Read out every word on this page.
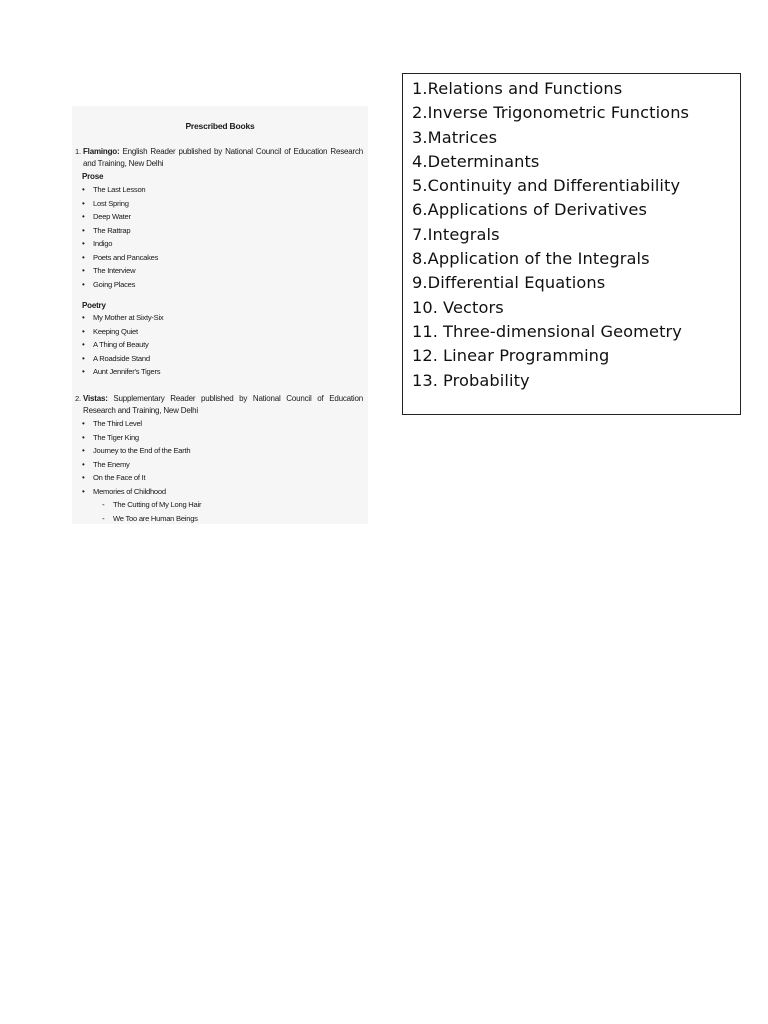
Prescribed Books
1. Flamingo: English Reader published by National Council of Education Research and Training, New Delhi
Prose
• The Last Lesson
• Lost Spring
• Deep Water
• The Rattrap
• Indigo
• Poets and Pancakes
• The Interview
• Going Places
Poetry
• My Mother at Sixty-Six
• Keeping Quiet
• A Thing of Beauty
• A Roadside Stand
• Aunt Jennifer's Tigers
2. Vistas: Supplementary Reader published by National Council of Education Research and Training, New Delhi
• The Third Level
• The Tiger King
• Journey to the End of the Earth
• The Enemy
• On the Face of It
• Memories of Childhood
- The Cutting of My Long Hair
- We Too are Human Beings
1.Relations and Functions
2.Inverse Trigonometric Functions
3.Matrices
4.Determinants
5.Continuity and Differentiability
6.Applications of Derivatives
7.Integrals
8.Application of the Integrals
9.Differential Equations
10. Vectors
11. Three-dimensional Geometry
12. Linear Programming
13. Probability
